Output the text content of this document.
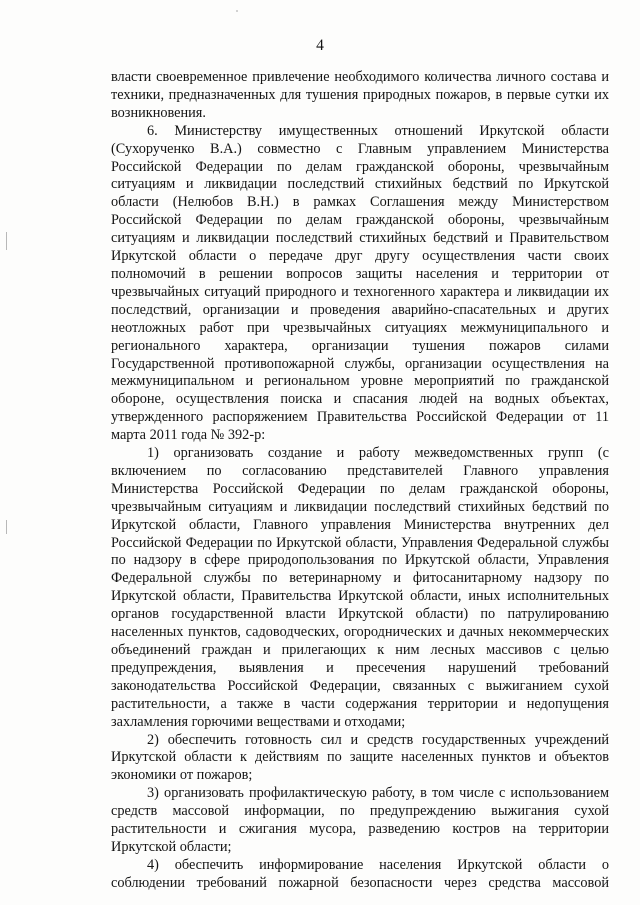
4

власти своевременное привлечение необходимого количества личного состава и техники, предназначенных для тушения природных пожаров, в первые сутки их возникновения.

6. Министерству имущественных отношений Иркутской области (Сухорученко В.А.) совместно с Главным управлением Министерства Российской Федерации по делам гражданской обороны, чрезвычайным ситуациям и ликвидации последствий стихийных бедствий по Иркутской области (Нелюбов В.Н.) в рамках Соглашения между Министерством Российской Федерации по делам гражданской обороны, чрезвычайным ситуациям и ликвидации последствий стихийных бедствий и Правительством Иркутской области о передаче друг другу осуществления части своих полномочий в решении вопросов защиты населения и территории от чрезвычайных ситуаций природного и техногенного характера и ликвидации их последствий, организации и проведения аварийно-спасательных и других неотложных работ при чрезвычайных ситуациях межмуниципального и регионального характера, организации тушения пожаров силами Государственной противопожарной службы, организации осуществления на межмуниципальном и региональном уровне мероприятий по гражданской обороне, осуществления поиска и спасания людей на водных объектах, утвержденного распоряжением Правительства Российской Федерации от 11 марта 2011 года № 392-р:

1) организовать создание и работу межведомственных групп (с включением по согласованию представителей Главного управления Министерства Российской Федерации по делам гражданской обороны, чрезвычайным ситуациям и ликвидации последствий стихийных бедствий по Иркутской области, Главного управления Министерства внутренних дел Российской Федерации по Иркутской области, Управления Федеральной службы по надзору в сфере природопользования по Иркутской области, Управления Федеральной службы по ветеринарному и фитосанитарному надзору по Иркутской области, Правительства Иркутской области, иных исполнительных органов государственной власти Иркутской области) по патрулированию населенных пунктов, садоводческих, огороднических и дачных некоммерческих объединений граждан и прилегающих к ним лесных массивов с целью предупреждения, выявления и пресечения нарушений требований законодательства Российской Федерации, связанных с выжиганием сухой растительности, а также в части содержания территории и недопущения захламления горючими веществами и отходами;

2) обеспечить готовность сил и средств государственных учреждений Иркутской области к действиям по защите населенных пунктов и объектов экономики от пожаров;

3) организовать профилактическую работу, в том числе с использованием средств массовой информации, по предупреждению выжигания сухой растительности и сжигания мусора, разведению костров на территории Иркутской области;

4) обеспечить информирование населения Иркутской области о соблюдении требований пожарной безопасности через средства массовой
